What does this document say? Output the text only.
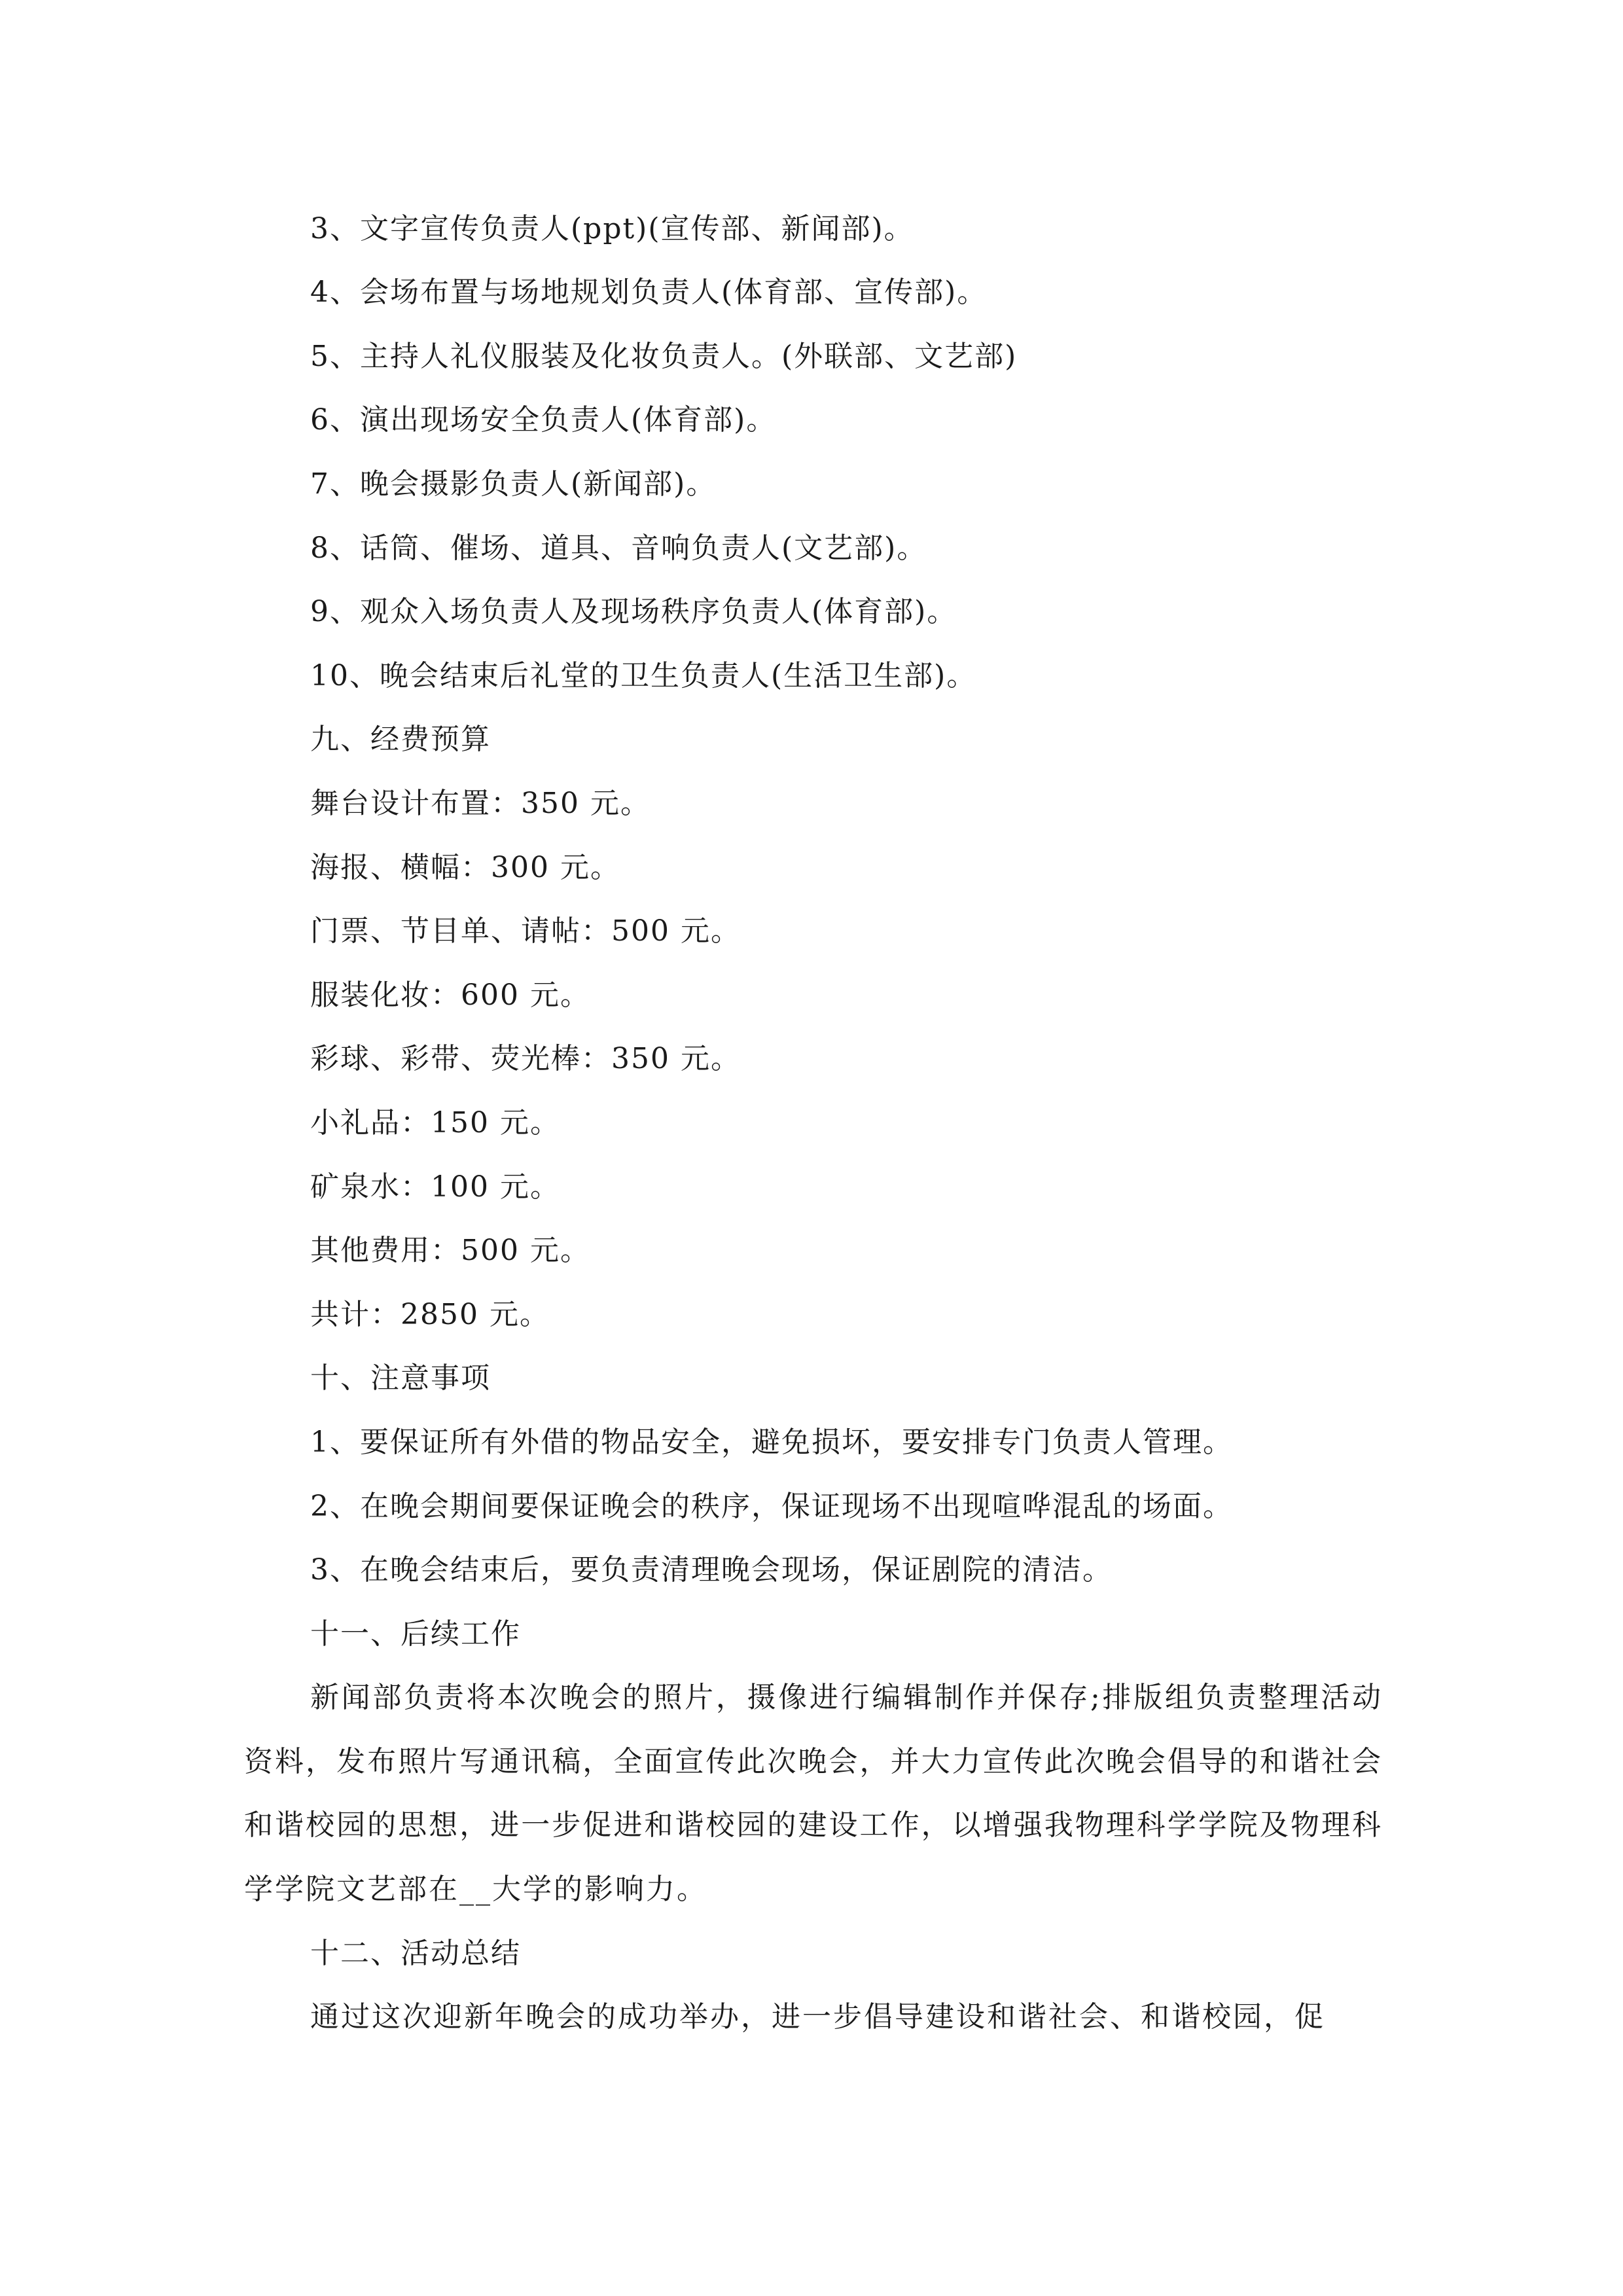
3、文字宣传负责人(ppt)(宣传部、新闻部)。
4、会场布置与场地规划负责人(体育部、宣传部)。
5、主持人礼仪服装及化妆负责人。(外联部、文艺部)
6、演出现场安全负责人(体育部)。
7、晚会摄影负责人(新闻部)。
8、话筒、催场、道具、音响负责人(文艺部)。
9、观众入场负责人及现场秩序负责人(体育部)。
10、晚会结束后礼堂的卫生负责人(生活卫生部)。
九、经费预算
舞台设计布置：350 元。
海报、横幅：300 元。
门票、节目单、请帖：500 元。
服装化妆：600 元。
彩球、彩带、荧光棒：350 元。
小礼品：150 元。
矿泉水：100 元。
其他费用：500 元。
共计：2850 元。
十、注意事项
1、要保证所有外借的物品安全，避免损坏，要安排专门负责人管理。
2、在晚会期间要保证晚会的秩序，保证现场不出现喧哗混乱的场面。
3、在晚会结束后，要负责清理晚会现场，保证剧院的清洁。
十一、后续工作
新闻部负责将本次晚会的照片，摄像进行编辑制作并保存;排版组负责整理活动资料，发布照片写通讯稿，全面宣传此次晚会，并大力宣传此次晚会倡导的和谐社会和谐校园的思想，进一步促进和谐校园的建设工作，以增强我物理科学学院及物理科学学院文艺部在__大学的影响力。
十二、活动总结
通过这次迎新年晚会的成功举办，进一步倡导建设和谐社会、和谐校园，促
